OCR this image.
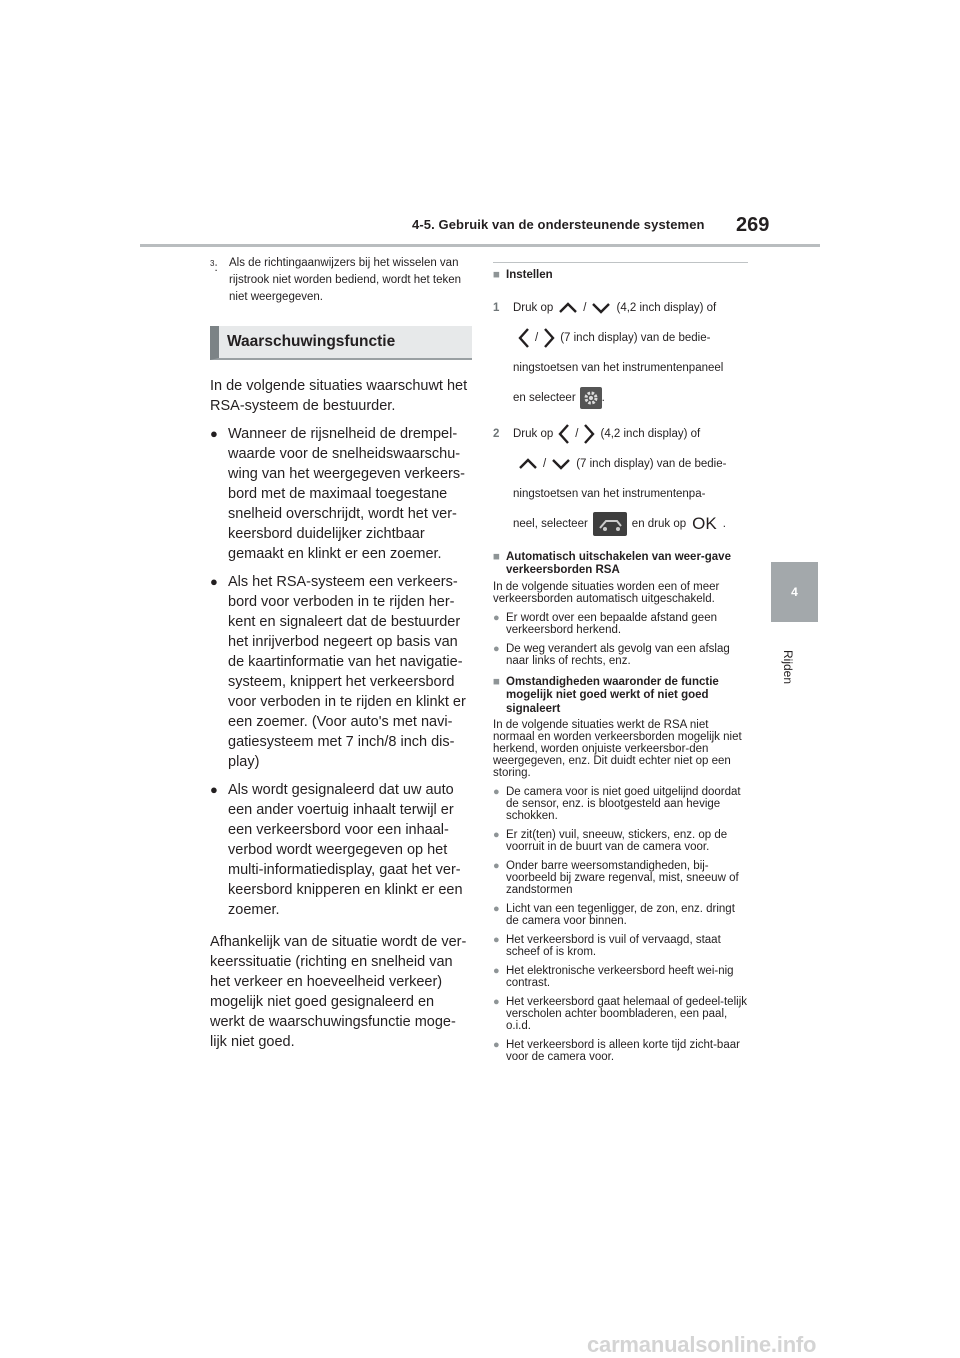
4-5. Gebruik van de ondersteunende systemen 269
4
Rijden
$^3$: Als de richtingaanwijzers bij het wisselen van rijstrook niet worden bediend, wordt het teken niet weergegeven.
Waarschuwingsfunctie
In de volgende situaties waarschuwt het RSA-systeem de bestuurder.
● Wanneer de rijsnelheid de drempel-waarde voor de snelheidswaarschu-wing van het weergegeven verkeers-bord met de maximaal toegestane snelheid overschrijdt, wordt het ver-keersbord duidelijker zichtbaar gemaakt en klinkt er een zoemer.
● Als het RSA-systeem een verkeers-bord voor verboden in te rijden her-kent en signaleert dat de bestuurder het inrijverbod negeert op basis van de kaartinformatie van het navigatie-systeem, knippert het verkeersbord voor verboden in te rijden en klinkt er een zoemer. (Voor auto's met navi-gatiesysteem met 7 inch/8 inch dis-play)
● Als wordt gesignaleerd dat uw auto een ander voertuig inhaalt terwijl er een verkeersbord voor een inhaal-verbod wordt weergegeven op het multi-informatiedisplay, gaat het ver-keersbord knipperen en klinkt er een zoemer.
Afhankelijk van de situatie wordt de ver-keerssituatie (richting en snelheid van het verkeer en hoeveelheid verkeer) mogelijk niet goed gesignaleerd en werkt de waarschuwingsfunctie moge-lijk niet goed.
■ Instellen
1	Druk op	/	(4,2 inch display) of
/ (7 inch display) van de bedie-
ningstoetsen van het instrumentenpaneel
en selecteer .
2	Druk op / (4,2 inch display) of
/	(7 inch display) van de bedie-
ningstoetsen van het instrumentenpa-
neel, selecteer	en druk op OK .
■ Automatisch uitschakelen van weer-gave verkeersborden RSA
In de volgende situaties worden een of meer verkeersborden automatisch uitgeschakeld.
● Er wordt over een bepaalde afstand geen verkeersbord herkend.
● De weg verandert als gevolg van een afslag naar links of rechts, enz.
■ Omstandigheden waaronder de functie mogelijk niet goed werkt of niet goed signaleert
In de volgende situaties werkt de RSA niet normaal en worden verkeersborden mogelijk niet herkend, worden onjuiste verkeersbor-den weergegeven, enz. Dit duidt echter niet op een storing.
● De camera voor is niet goed uitgelijnd doordat de sensor, enz. is blootgesteld aan hevige schokken.
● Er zit(ten) vuil, sneeuw, stickers, enz. op de voorruit in de buurt van de camera voor.
● Onder barre weersomstandigheden, bij-voorbeeld bij zware regenval, mist, sneeuw of zandstormen
● Licht van een tegenligger, de zon, enz. dringt de camera voor binnen.
● Het verkeersbord is vuil of vervaagd, staat scheef of is krom.
● Het elektronische verkeersbord heeft wei-nig contrast.
● Het verkeersbord gaat helemaal of gedeel-telijk verscholen achter boombladeren, een paal, o.i.d.
● Het verkeersbord is alleen korte tijd zicht-baar voor de camera voor.
carmanualsonline.info
